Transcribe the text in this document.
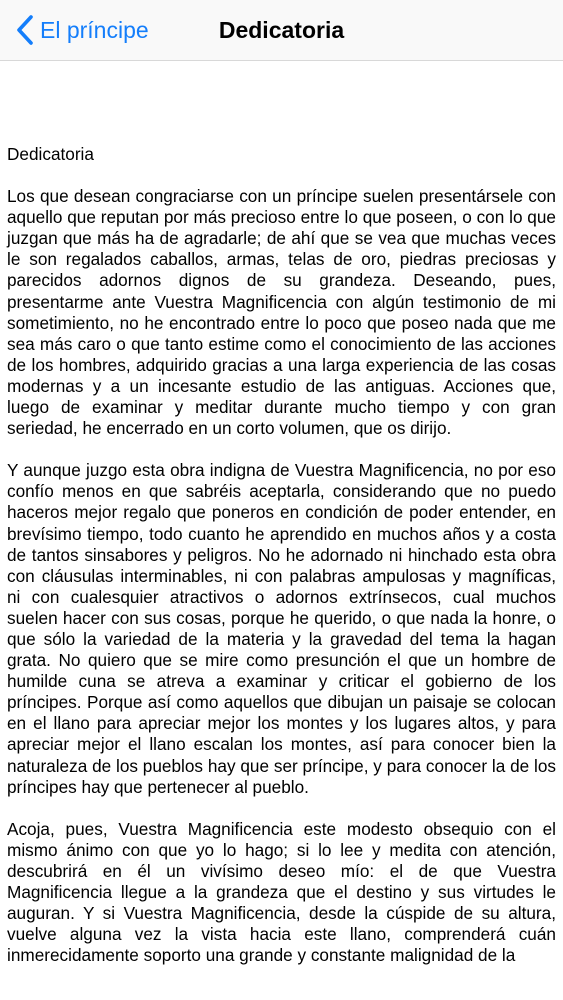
El príncipe	Dedicatoria

Dedicatoria

Los que desean congraciarse con un príncipe suelen presentársele con aquello que reputan por más precioso entre lo que poseen, o con lo que juzgan que más ha de agradarle; de ahí que se vea que muchas veces le son regalados caballos, armas, telas de oro, piedras preciosas y parecidos adornos dignos de su grandeza. Deseando, pues, presentarme ante Vuestra Magnificencia con algún testimonio de mi sometimiento, no he encontrado entre lo poco que poseo nada que me sea más caro o que tanto estime como el conocimiento de las acciones de los hombres, adquirido gracias a una larga experiencia de las cosas modernas y a un incesante estudio de las antiguas. Acciones que, luego de examinar y meditar durante mucho tiempo y con gran seriedad, he encerrado en un corto volumen, que os dirijo.

Y aunque juzgo esta obra indigna de Vuestra Magnificencia, no por eso confío menos en que sabréis aceptarla, considerando que no puedo haceros mejor regalo que poneros en condición de poder entender, en brevísimo tiempo, todo cuanto he aprendido en muchos años y a costa de tantos sinsabores y peligros. No he adornado ni hinchado esta obra con cláusulas interminables, ni con palabras ampulosas y magníficas, ni con cualesquier atractivos o adornos extrínsecos, cual muchos suelen hacer con sus cosas, porque he querido, o que nada la honre, o que sólo la variedad de la materia y la gravedad del tema la hagan grata. No quiero que se mire como presunción el que un hombre de humilde cuna se atreva a examinar y criticar el gobierno de los príncipes. Porque así como aquellos que dibujan un paisaje se colocan en el llano para apreciar mejor los montes y los lugares altos, y para apreciar mejor el llano escalan los montes, así para conocer bien la naturaleza de los pueblos hay que ser príncipe, y para conocer la de los príncipes hay que pertenecer al pueblo.

Acoja, pues, Vuestra Magnificencia este modesto obsequio con el mismo ánimo con que yo lo hago; si lo lee y medita con atención, descubrirá en él un vivísimo deseo mío: el de que Vuestra Magnificencia llegue a la grandeza que el destino y sus virtudes le auguran. Y si Vuestra Magnificencia, desde la cúspide de su altura, vuelve alguna vez la vista hacia este llano, comprenderá cuán inmerecidamente soporto una grande y constante malignidad de la
